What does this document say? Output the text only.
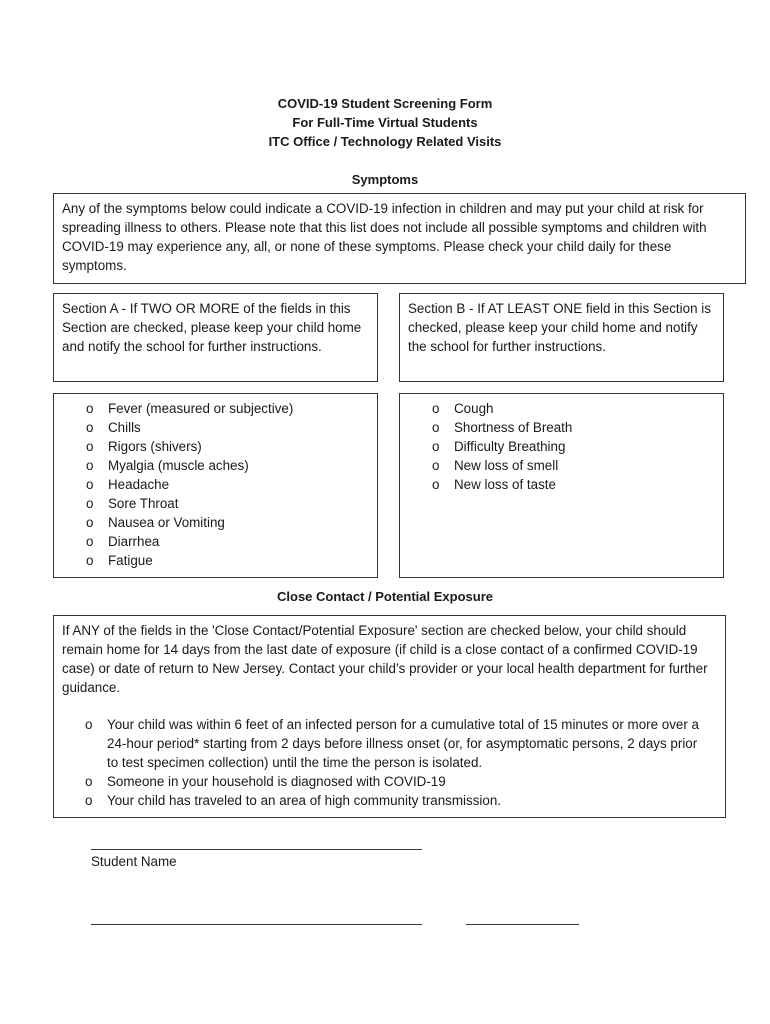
COVID-19 Student Screening Form
For Full-Time Virtual Students
ITC Office / Technology Related Visits
Symptoms
Any of the symptoms below could indicate a COVID-19 infection in children and may put your child at risk for spreading illness to others. Please note that this list does not include all possible symptoms and children with COVID-19 may experience any, all, or none of these symptoms. Please check your child daily for these symptoms.
Section A - If TWO OR MORE of the fields in this Section are checked, please keep your child home and notify the school for further instructions.
Section B - If AT LEAST ONE field in this Section is checked, please keep your child home and notify the school for further instructions.
o	Fever (measured or subjective)
o	Chills
o	Rigors (shivers)
o	Myalgia (muscle aches)
o	Headache
o	Sore Throat
o	Nausea or Vomiting
o	Diarrhea
o	Fatigue
o	Cough
o	Shortness of Breath
o	Difficulty Breathing
o	New loss of smell
o	New loss of taste
Close Contact / Potential Exposure
If ANY of the fields in the 'Close Contact/Potential Exposure' section are checked below, your child should remain home for 14 days from the last date of exposure (if child is a close contact of a confirmed COVID-19 case) or date of return to New Jersey. Contact your child’s provider or your local health department for further guidance.
o	Your child was within 6 feet of an infected person for a cumulative total of 15 minutes or more over a 24-hour period* starting from 2 days before illness onset (or, for asymptomatic persons, 2 days prior to test specimen collection) until the time the person is isolated.
o	Someone in your household is diagnosed with COVID-19
o	Your child has traveled to an area of high community transmission.
Student Name
